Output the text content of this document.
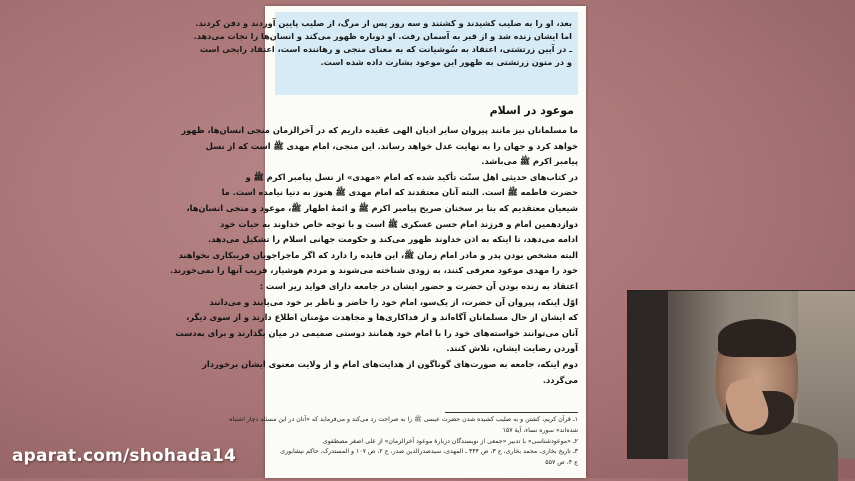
بعد، او را به صلیب کشیدند و کشتند و سه روز پس از مرگ، از صلیب پایین آوردند و دفن کردند.
اما ایشان زنده شد و از قبر به آسمان رفت. او دوباره ظهور می‌کند و انسان‌ها را نجات می‌دهد.
ـ در آیین زرتشتی، اعتقاد به سُوشیانت که به معنای منجی و رهاننده است، اعتقاد رایجی است
و در متون زرتشتی به ظهور این موعود بشارت داده شده است.
موعود در اسلام
ما مسلمانان نیز مانند پیروان سایر ادیان الهی عقیده داریم که در آخرالزمان منجی انسان‌ها، ظهور
خواهد کرد و جهان را به نهایت عدل خواهد رساند. این منجی، امام مهدی ﷺ است که از نسل
پیامبر اکرم ﷺ می‌باشد.
در کتاب‌های حدیثی اهل سنّت تأکید شده که امام «مهدی» از نسل پیامبر اکرم ﷺ و
حضرت فاطمه ﷺ است. البته آنان معتقدند که امام مهدی ﷺ هنوز به دنیا نیامده است. ما
شیعیان معتقدیم که بنا بر سخنان صریح پیامبر اکرم ﷺ و ائمهٔ اطهار ﷺ، موعود و منجی انسان‌ها،
دوازدهمین امام و فرزند امام حسن عسکری ﷺ است و با توجه خاص خداوند به حیات خود
ادامه می‌دهد، تا اینکه به اذن خداوند ظهور می‌کند و حکومت جهانی اسلام را تشکیل می‌دهد.
البته مشخص بودن پدر و مادر امام زمان ﷺ، این فایده را دارد که اگر ماجراجویان فریبکاری بخواهند
خود را مهدی موعود معرفی کنند، به زودی شناخته می‌شوند و مردم هوشیار، فریب آنها را نمی‌خورند.
اعتقاد به زنده بودن آن حضرت و حضور ایشان در جامعه دارای فواید زیر است :
اوّل اینکه، پیروان آن حضرت، از یک‌سو، امام خود را حاضر و ناظر بر خود می‌یابند و می‌دانند
که ایشان از حال مسلمانان آگاه‌اند و از فداکاری‌ها و مجاهدت مؤمنان اطلاع دارند و از سوی دیگر،
آنان می‌توانند خواسته‌های خود را با امام خود همانند دوستی صمیمی در میان بگذارند و برای به‌دست
آوردن رضایت ایشان، تلاش کنند.
دوم اینکه، جامعه به صورت‌های گوناگون از هدایت‌های امام و از ولایت معنوی ایشان برخوردار
می‌گردد.
۱ـ قرآن کریم، کشتن و به صلیب کشیده شدن حضرت عیسی ﷺ را به صراحت رد می‌کند و می‌فرماید که «آنان در این مسئله دچار اشتباه
شده‌اند» سوره نساء، آیهٔ ۱۵۷
۲ـ «موعودشناسی» با تدبیر «جمعی از نویسندگان دربارهٔ موعود آخرالزمان» از علی اصغر مصطفوی
۳ـ تاریخ بخاری، محمد بخاری، ج ۳، ص ۳۴۴ ـ المهدی، سیدصدرالدین صدر، ج ۲، ص ۱۰۷ و المستدرک، حاکم نیشابوری
ج ۴، ص ۵۵۷
aparat.com/shohada14
